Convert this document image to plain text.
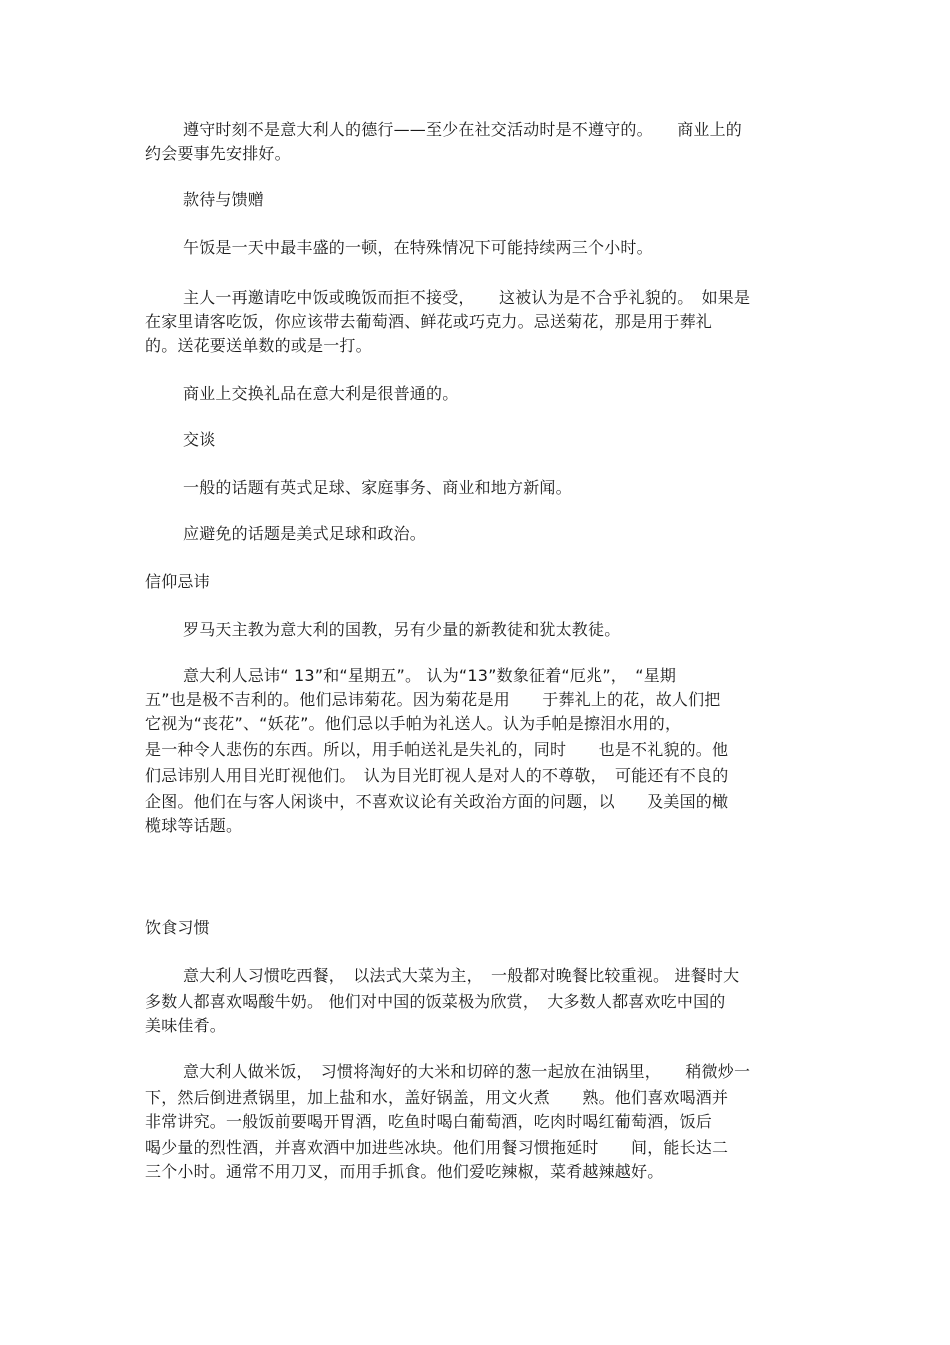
遵守时刻不是意大利人的德行——至少在社交活动时是不遵守的。　　商业上的
约会要事先安排好。
款待与馈赠
午饭是一天中最丰盛的一顿，在特殊情况下可能持续两三个小时。
主人一再邀请吃中饭或晚饭而拒不接受，　　这被认为是不合乎礼貌的。　如果是
在家里请客吃饭，你应该带去葡萄酒、鲜花或巧克力。忌送菊花，那是用于葬礼
的。送花要送单数的或是一打。
商业上交换礼品在意大利是很普通的。
交谈
一般的话题有英式足球、家庭事务、商业和地方新闻。
应避免的话题是美式足球和政治。
信仰忌讳
罗马天主教为意大利的国教，另有少量的新教徒和犹太教徒。
意大利人忌讳“ 13”和“星期五”。 认为“13”数象征着“厄兆”，　“星期
五”也是极不吉利的。他们忌讳菊花。因为菊花是用　　于葬礼上的花，故人们把
它视为“丧花”、“妖花”。他们忌以手帕为礼送人。认为手帕是擦泪水用的，
是一种令人悲伤的东西。所以，用手帕送礼是失礼的，同时　　也是不礼貌的。他
们忌讳别人用目光盯视他们。　认为目光盯视人是对人的不尊敬，　可能还有不良的
企图。他们在与客人闲谈中，不喜欢议论有关政治方面的问题，以　　及美国的橄
榄球等话题。
饮食习惯
意大利人习惯吃西餐，　以法式大菜为主，　一般都对晚餐比较重视。 进餐时大
多数人都喜欢喝酸牛奶。 他们对中国的饭菜极为欣赏，　大多数人都喜欢吃中国的
美味佳肴。
意大利人做米饭，　习惯将淘好的大米和切碎的葱一起放在油锅里，　　稍微炒一
下，然后倒进煮锅里，加上盐和水，盖好锅盖，用文火煮　　熟。他们喜欢喝酒并
非常讲究。一般饭前要喝开胃酒，吃鱼时喝白葡萄酒，吃肉时喝红葡萄酒，饭后
喝少量的烈性酒，并喜欢酒中加进些冰块。他们用餐习惯拖延时　　间，能长达二
三个小时。通常不用刀叉，而用手抓食。他们爱吃辣椒，菜肴越辣越好。
